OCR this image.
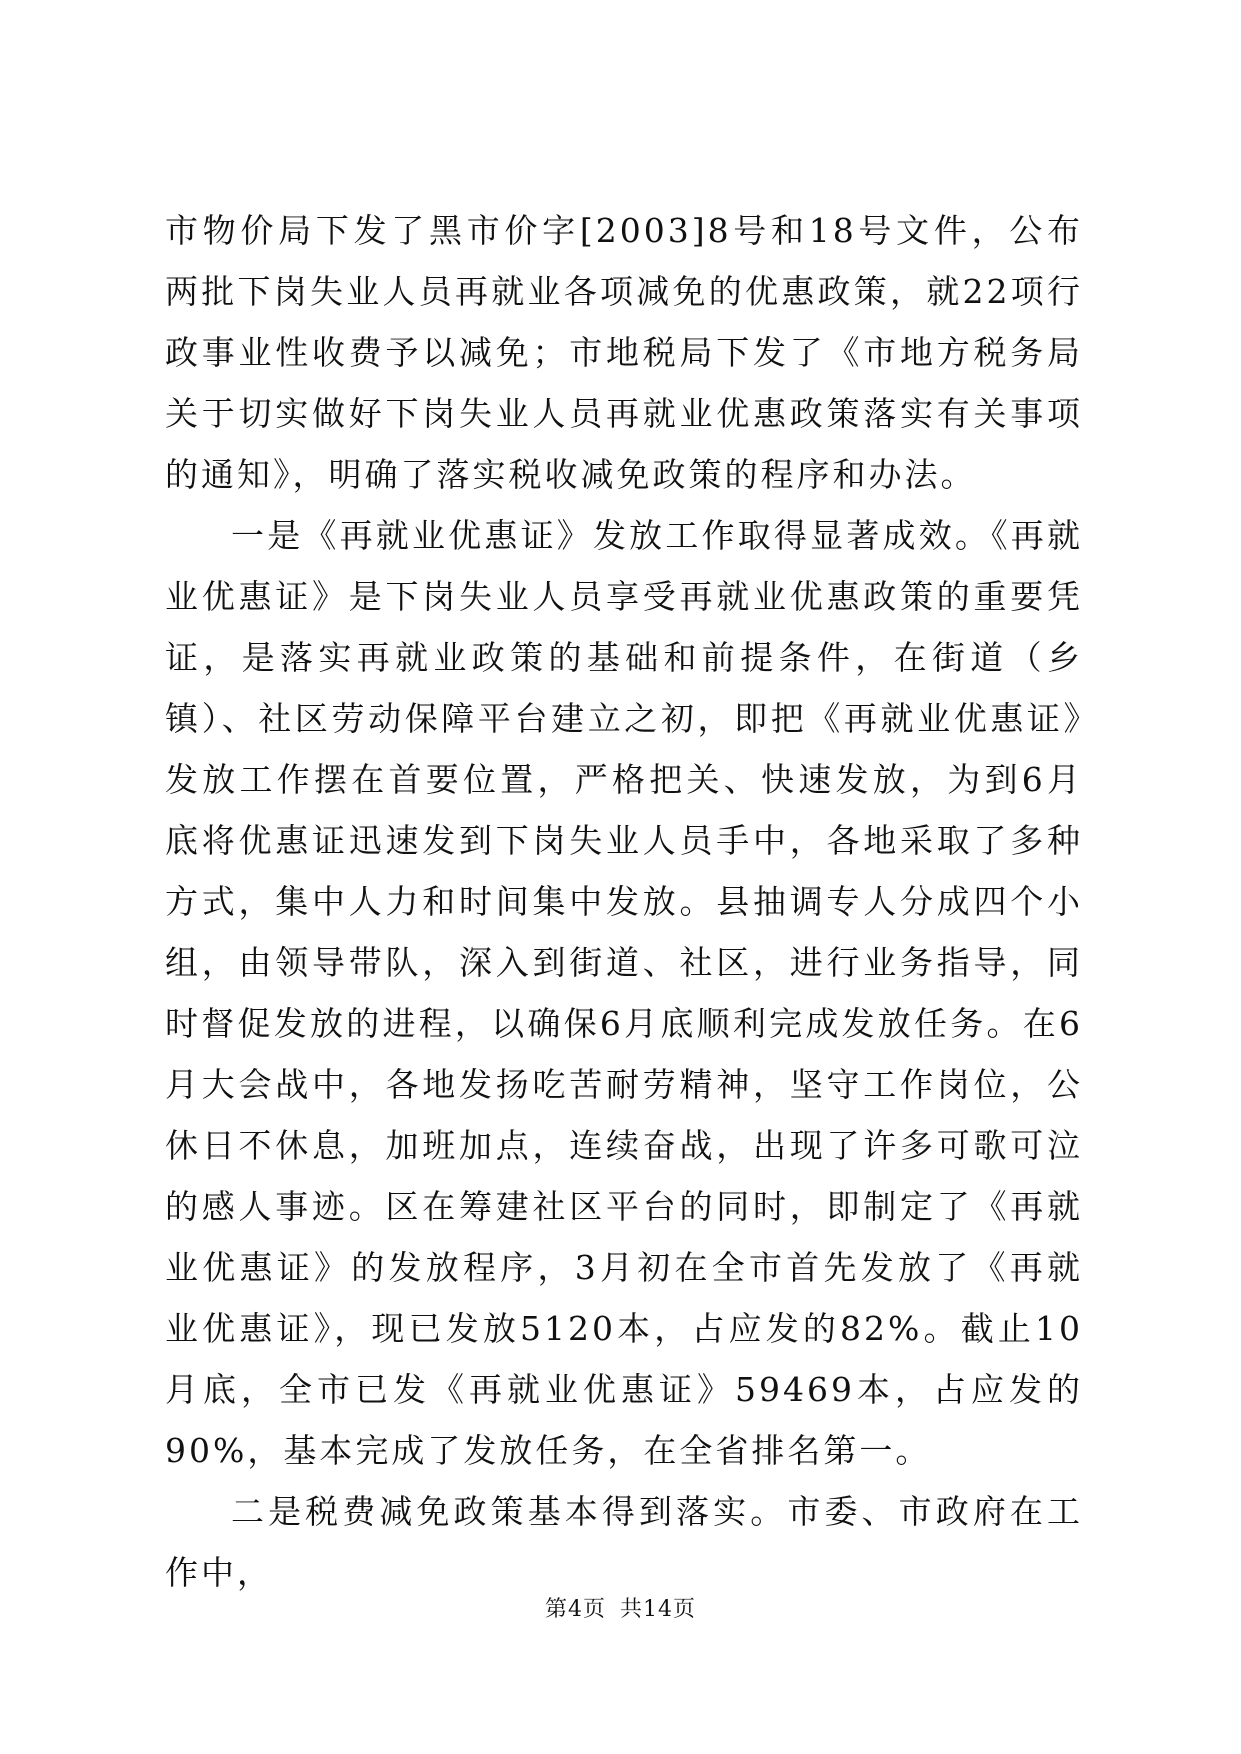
市物价局下发了黑市价字[2003]8号和18号文件，公布两批下岗失业人员再就业各项减免的优惠政策，就22项行政事业性收费予以减免；市地税局下发了《市地方税务局关于切实做好下岗失业人员再就业优惠政策落实有关事项的通知》，明确了落实税收减免政策的程序和办法。

一是《再就业优惠证》发放工作取得显著成效。《再就业优惠证》是下岗失业人员享受再就业优惠政策的重要凭证，是落实再就业政策的基础和前提条件，在街道（乡镇）、社区劳动保障平台建立之初，即把《再就业优惠证》发放工作摆在首要位置，严格把关、快速发放，为到6月底将优惠证迅速发到下岗失业人员手中，各地采取了多种方式，集中人力和时间集中发放。县抽调专人分成四个小组，由领导带队，深入到街道、社区，进行业务指导，同时督促发放的进程，以确保6月底顺利完成发放任务。在6月大会战中，各地发扬吃苦耐劳精神，坚守工作岗位，公休日不休息，加班加点，连续奋战，出现了许多可歌可泣的感人事迹。区在筹建社区平台的同时，即制定了《再就业优惠证》的发放程序，3月初在全市首先发放了《再就业优惠证》，现已发放5120本，占应发的82%。截止10月底，全市已发《再就业优惠证》59469本，占应发的90%，基本完成了发放任务，在全省排名第一。

二是税费减免政策基本得到落实。市委、市政府在工作中，

第4页 共14页
